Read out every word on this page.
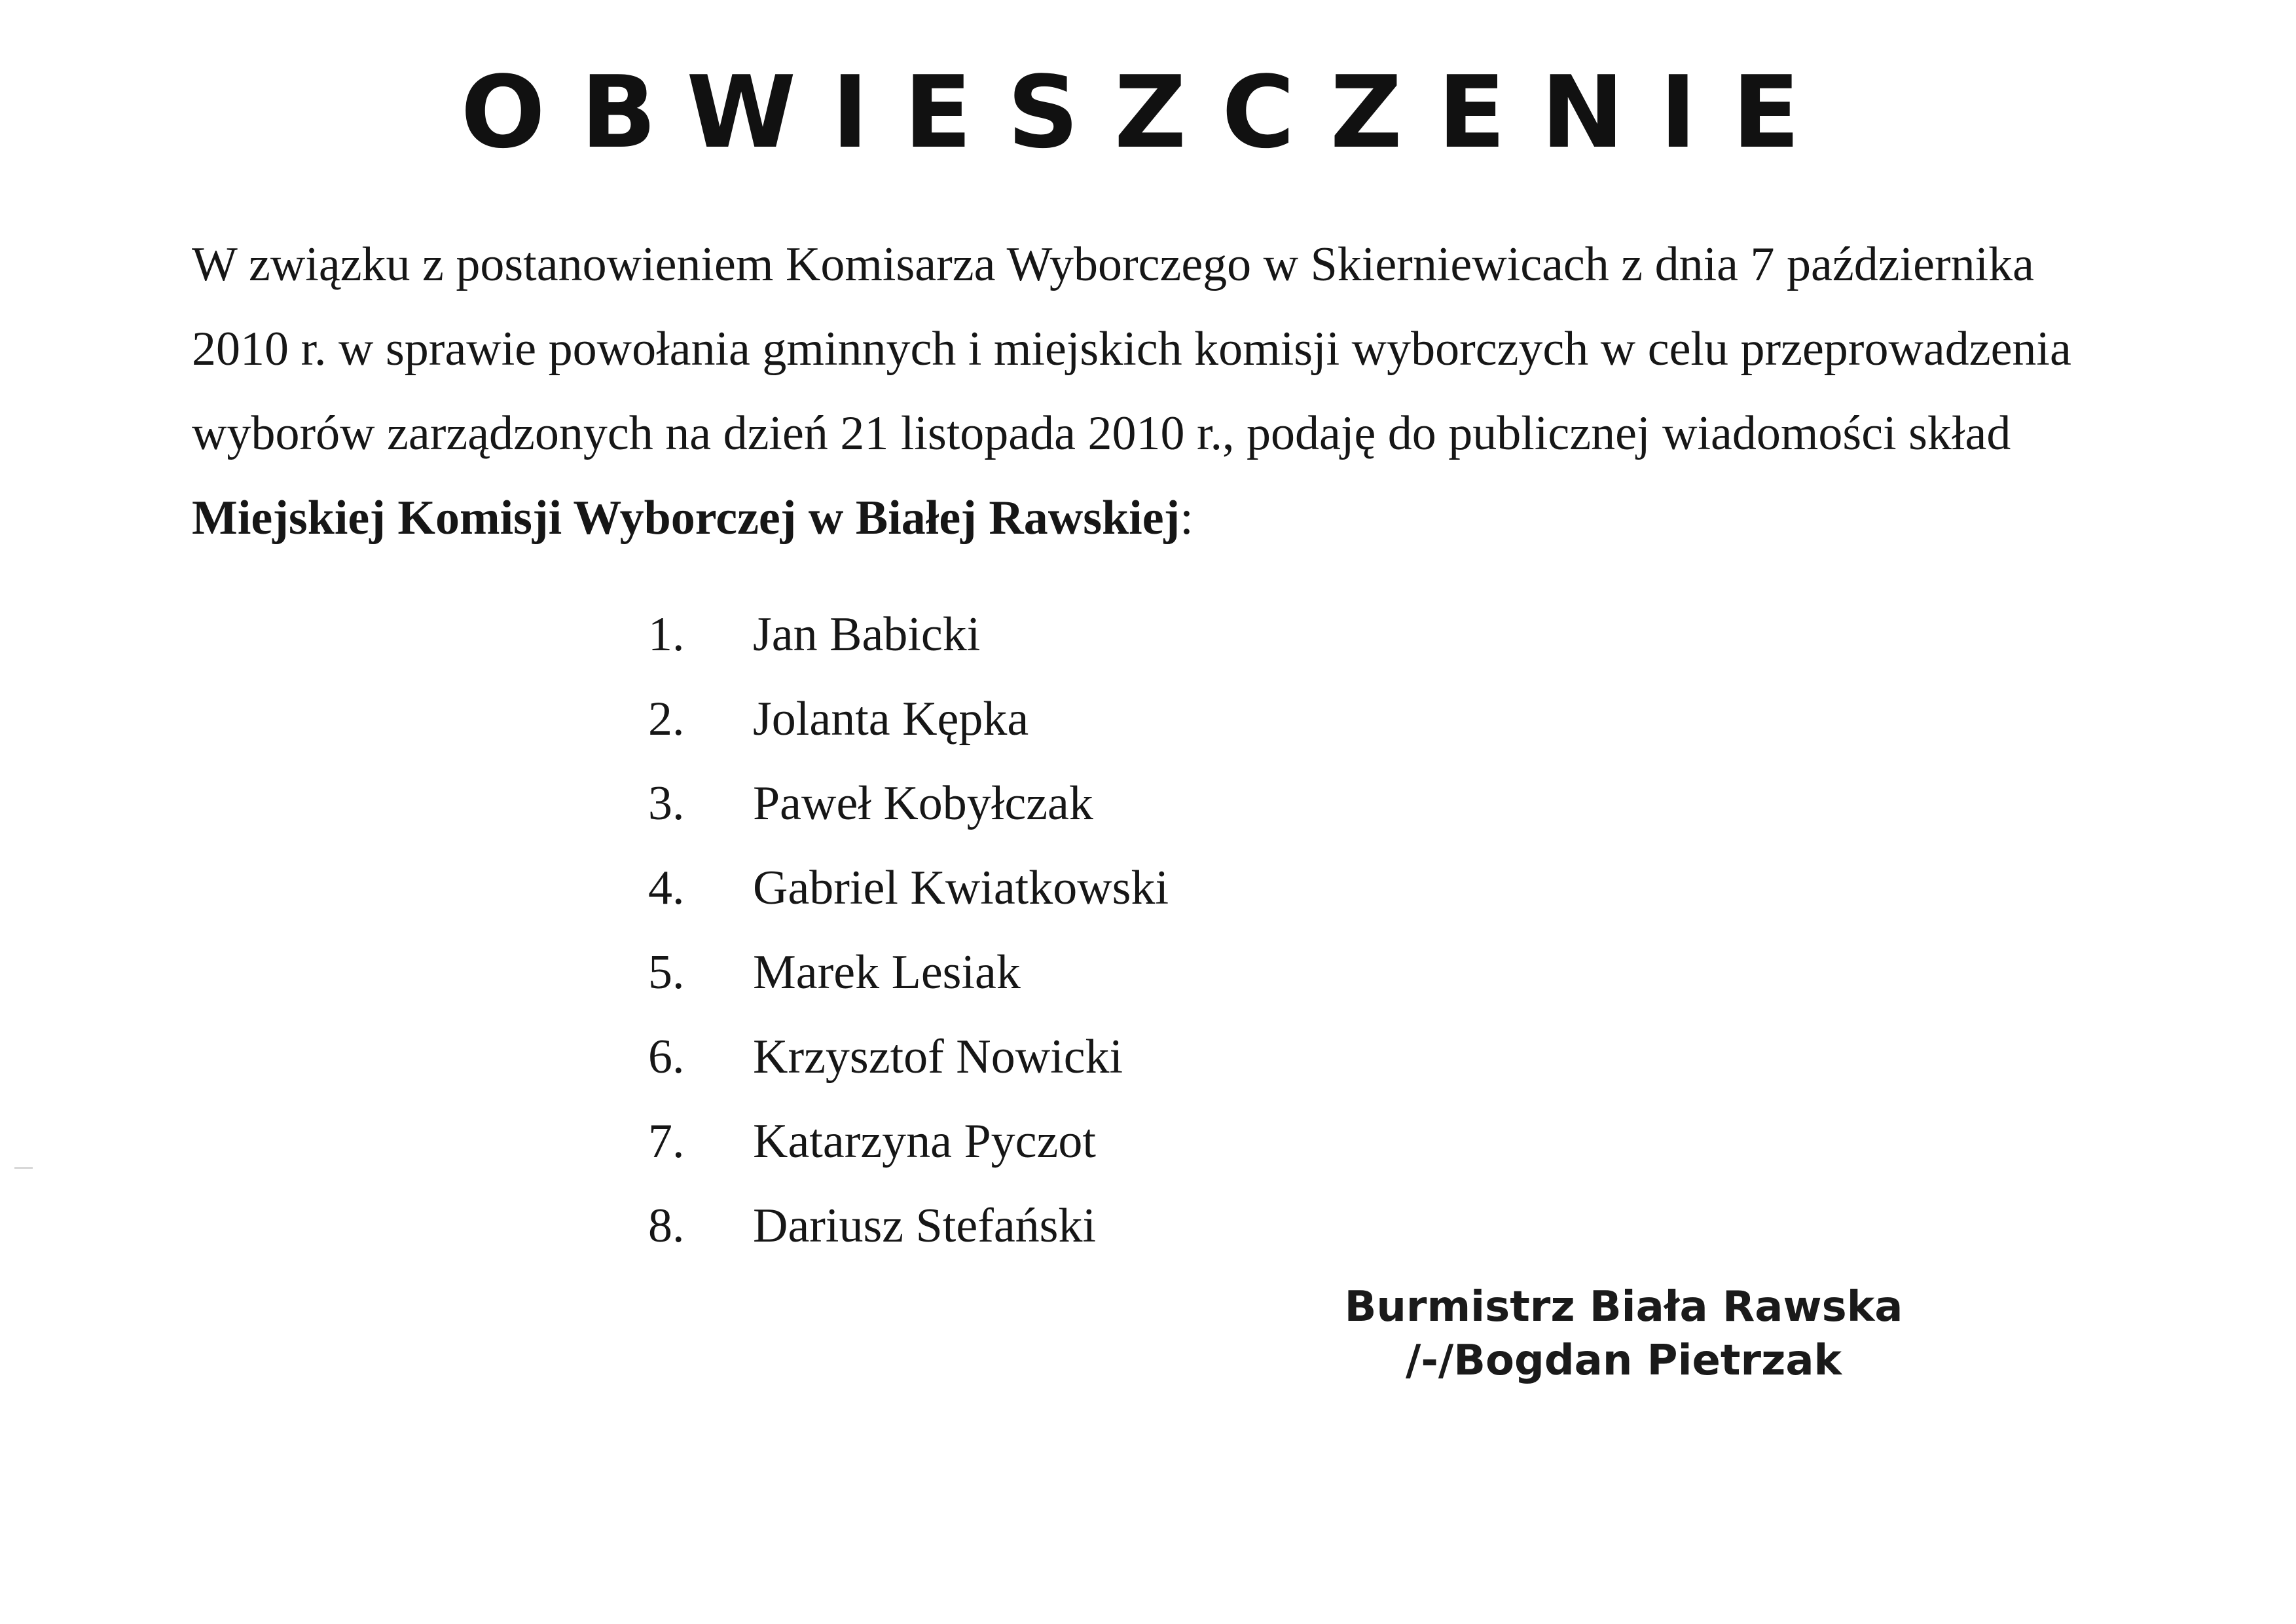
OBWIESZCZENIE
W związku z postanowieniem Komisarza Wyborczego w Skierniewicach z dnia 7 października
2010 r. w sprawie powołania gminnych i miejskich komisji wyborczych w celu przeprowadzenia
wyborów zarządzonych na dzień 21 listopada 2010 r., podaję do publicznej wiadomości skład
Miejskiej Komisji Wyborczej w Białej Rawskiej:
1. Jan Babicki
2. Jolanta Kępka
3. Paweł Kobyłczak
4. Gabriel Kwiatkowski
5. Marek Lesiak
6. Krzysztof Nowicki
7. Katarzyna Pyczot
8. Dariusz Stefański
Burmistrz Biała Rawska
/-/Bogdan Pietrzak
